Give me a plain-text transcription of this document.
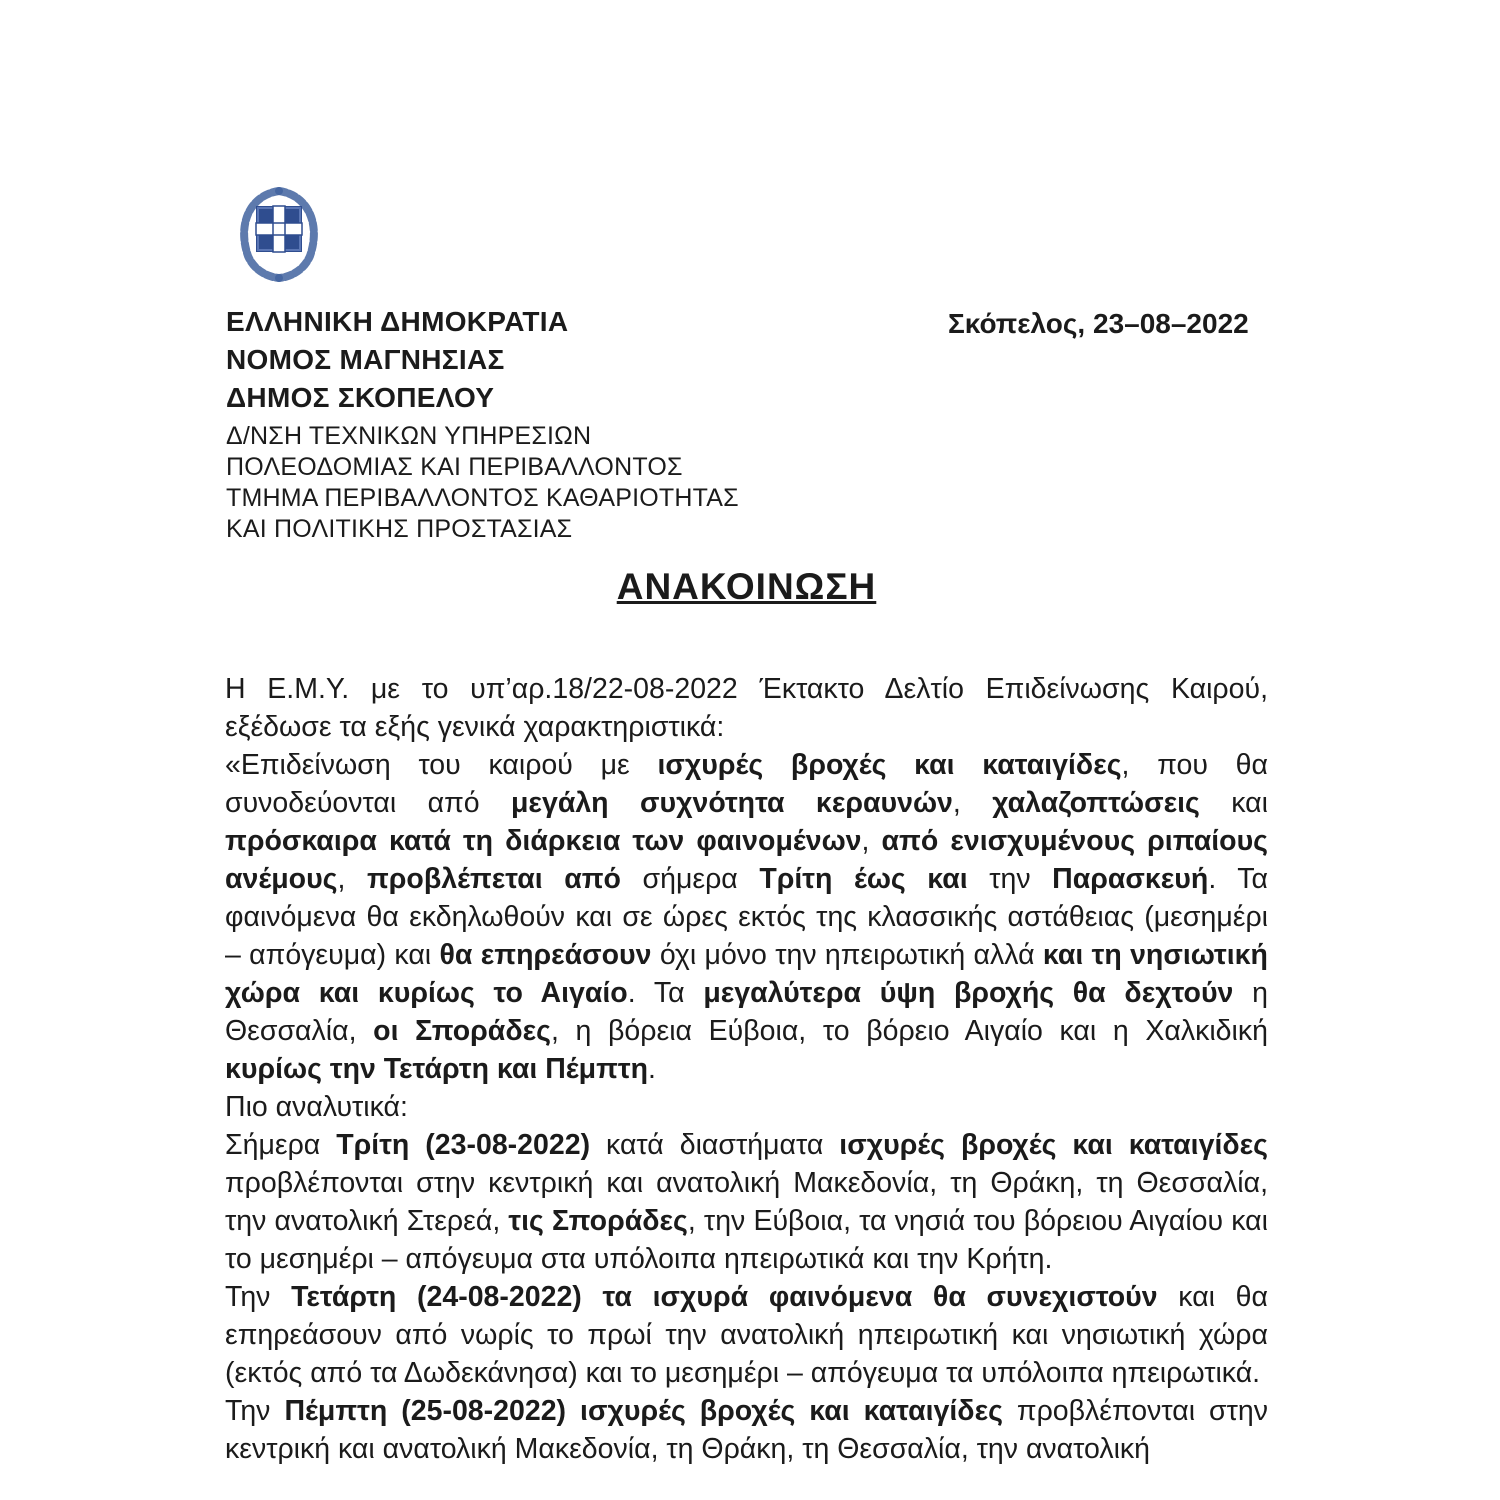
ΕΛΛΗΝΙΚΗ ΔΗΜΟΚΡΑΤΙΑ
ΝΟΜΟΣ ΜΑΓΝΗΣΙΑΣ
ΔΗΜΟΣ ΣΚΟΠΕΛΟΥ
Δ/ΝΣΗ ΤΕΧΝΙΚΩΝ ΥΠΗΡΕΣΙΩΝ
ΠΟΛΕΟΔΟΜΙΑΣ ΚΑΙ ΠΕΡΙΒΑΛΛΟΝΤΟΣ
ΤΜΗΜΑ ΠΕΡΙΒΑΛΛΟΝΤΟΣ ΚΑΘΑΡΙΟΤΗΤΑΣ
ΚΑΙ ΠΟΛΙΤΙΚΗΣ ΠΡΟΣΤΑΣΙΑΣ
Σκόπελος, 23–08–2022
ΑΝΑΚΟΙΝΩΣΗ

Η Ε.Μ.Υ. με το υπ’αρ.18/22-08-2022 Έκτακτο Δελτίο Επιδείνωσης Καιρού, εξέδωσε τα εξής γενικά χαρακτηριστικά:

«Επιδείνωση του καιρού με ισχυρές βροχές και καταιγίδες, που θα συνοδεύονται από μεγάλη συχνότητα κεραυνών, χαλαζοπτώσεις και πρόσκαιρα κατά τη διάρκεια των φαινομένων, από ενισχυμένους ριπαίους ανέμους, προβλέπεται από σήμερα Τρίτη έως και την Παρασκευή. Τα φαινόμενα θα εκδηλωθούν και σε ώρες εκτός της κλασσικής αστάθειας (μεσημέρι – απόγευμα) και θα επηρεάσουν όχι μόνο την ηπειρωτική αλλά και τη νησιωτική χώρα και κυρίως το Αιγαίο. Τα μεγαλύτερα ύψη βροχής θα δεχτούν η Θεσσαλία, οι Σποράδες, η βόρεια Εύβοια, το βόρειο Αιγαίο και η Χαλκιδική κυρίως την Τετάρτη και Πέμπτη.

Πιο αναλυτικά:

Σήμερα Τρίτη (23-08-2022) κατά διαστήματα ισχυρές βροχές και καταιγίδες προβλέπονται στην κεντρική και ανατολική Μακεδονία, τη Θράκη, τη Θεσσαλία, την ανατολική Στερεά, τις Σποράδες, την Εύβοια, τα νησιά του βόρειου Αιγαίου και το μεσημέρι – απόγευμα στα υπόλοιπα ηπειρωτικά και την Κρήτη.

Την Τετάρτη (24-08-2022) τα ισχυρά φαινόμενα θα συνεχιστούν και θα επηρεάσουν από νωρίς το πρωί την ανατολική ηπειρωτική και νησιωτική χώρα (εκτός από τα Δωδεκάνησα) και το μεσημέρι – απόγευμα τα υπόλοιπα ηπειρωτικά.

Την Πέμπτη (25-08-2022) ισχυρές βροχές και καταιγίδες προβλέπονται στην κεντρική και ανατολική Μακεδονία, τη Θράκη, τη Θεσσαλία, την ανατολική
